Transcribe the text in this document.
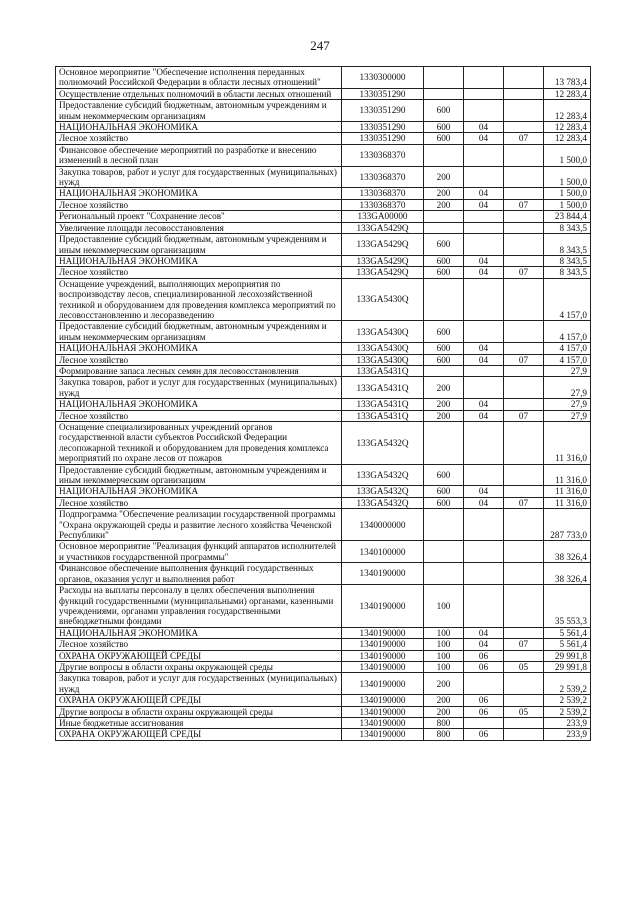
247
Основное мероприятие "Обеспечение исполнения переданных полномочий Российской Федерации в области лесных отношений"	1330300000				13 783,4
Осуществление отдельных полномочий в области лесных отношений	1330351290				12 283,4
Предоставление субсидий бюджетным, автономным учреждениям и иным некоммерческим организациям	1330351290	600			12 283,4
НАЦИОНАЛЬНАЯ ЭКОНОМИКА	1330351290	600	04		12 283,4
Лесное хозяйство	1330351290	600	04	07	12 283,4
Финансовое обеспечение мероприятий по разработке и внесению изменений в лесной план	1330368370				1 500,0
Закупка товаров, работ и услуг для государственных (муниципальных) нужд	1330368370	200			1 500,0
НАЦИОНАЛЬНАЯ ЭКОНОМИКА	1330368370	200	04		1 500,0
Лесное хозяйство	1330368370	200	04	07	1 500,0
Региональный проект "Сохранение лесов"	133GA00000				23 844,4
Увеличение площади лесовосстановления	133GA5429Q				8 343,5
Предоставление субсидий бюджетным, автономным учреждениям и иным некоммерческим организациям	133GA5429Q	600			8 343,5
НАЦИОНАЛЬНАЯ ЭКОНОМИКА	133GA5429Q	600	04		8 343,5
Лесное хозяйство	133GA5429Q	600	04	07	8 343,5
Оснащение учреждений, выполняющих мероприятия по воспроизводству лесов, специализированной лесохозяйственной техникой и оборудованием для проведения комплекса мероприятий по лесовосстановлению и лесоразведению	133GA5430Q				4 157,0
Предоставление субсидий бюджетным, автономным учреждениям и иным некоммерческим организациям	133GA5430Q	600			4 157,0
НАЦИОНАЛЬНАЯ ЭКОНОМИКА	133GA5430Q	600	04		4 157,0
Лесное хозяйство	133GA5430Q	600	04	07	4 157,0
Формирование запаса лесных семян для лесовосстановления	133GA5431Q				27,9
Закупка товаров, работ и услуг для государственных (муниципальных) нужд	133GA5431Q	200			27,9
НАЦИОНАЛЬНАЯ ЭКОНОМИКА	133GA5431Q	200	04		27,9
Лесное хозяйство	133GA5431Q	200	04	07	27,9
Оснащение специализированных учреждений органов государственной власти субъектов Российской Федерации лесопожарной техникой и оборудованием для проведения комплекса мероприятий по охране лесов от пожаров	133GA5432Q				11 316,0
Предоставление субсидий бюджетным, автономным учреждениям и иным некоммерческим организациям	133GA5432Q	600			11 316,0
НАЦИОНАЛЬНАЯ ЭКОНОМИКА	133GA5432Q	600	04		11 316,0
Лесное хозяйство	133GA5432Q	600	04	07	11 316,0
Подпрограмма "Обеспечение реализации государственной программы "Охрана окружающей среды и развитие лесного хозяйства Чеченской Республики"	1340000000				287 733,0
Основное мероприятие "Реализация функций аппаратов исполнителей и участников государственной программы"	1340100000				38 326,4
Финансовое обеспечение выполнения функций государственных органов, оказания услуг и выполнения работ	1340190000				38 326,4
Расходы на выплаты персоналу в целях обеспечения выполнения функций государственными (муниципальными) органами, казенными учреждениями, органами управления государственными внебюджетными фондами	1340190000	100			35 553,3
НАЦИОНАЛЬНАЯ ЭКОНОМИКА	1340190000	100	04		5 561,4
Лесное хозяйство	1340190000	100	04	07	5 561,4
ОХРАНА ОКРУЖАЮЩЕЙ СРЕДЫ	1340190000	100	06		29 991,8
Другие вопросы в области охраны окружающей среды	1340190000	100	06	05	29 991,8
Закупка товаров, работ и услуг для государственных (муниципальных) нужд	1340190000	200			2 539,2
ОХРАНА ОКРУЖАЮЩЕЙ СРЕДЫ	1340190000	200	06		2 539,2
Другие вопросы в области охраны окружающей среды	1340190000	200	06	05	2 539,2
Иные бюджетные ассигнования	1340190000	800			233,9
ОХРАНА ОКРУЖАЮЩЕЙ СРЕДЫ	1340190000	800	06		233,9
